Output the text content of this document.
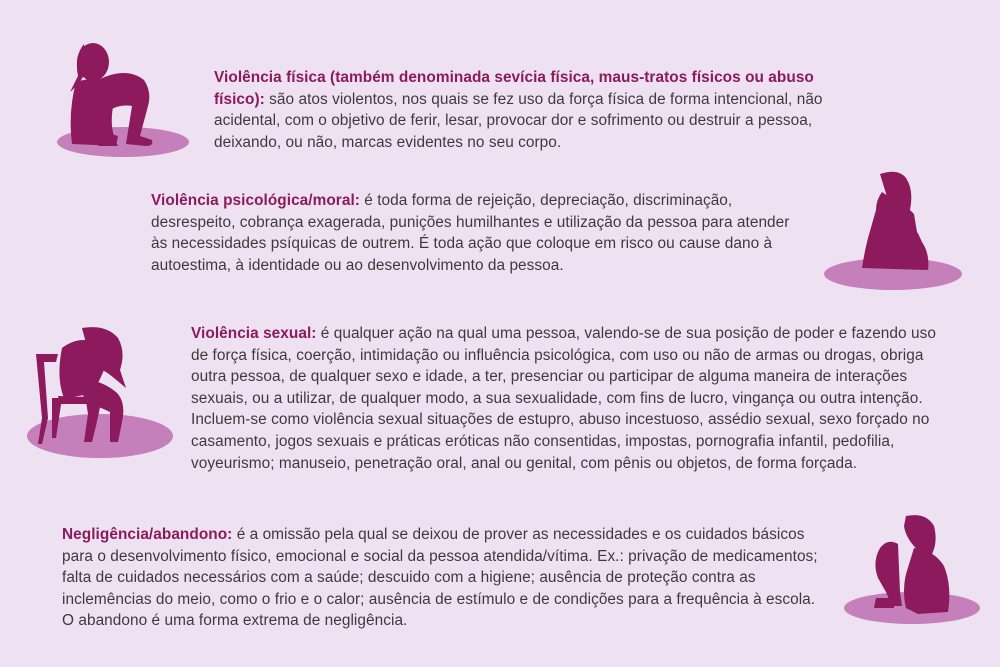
Violência física (também denominada sevícia física, maus-tratos físicos ou abuso físico): são atos violentos, nos quais se fez uso da força física de forma intencional, não acidental, com o objetivo de ferir, lesar, provocar dor e sofrimento ou destruir a pessoa, deixando, ou não, marcas evidentes no seu corpo.
Violência psicológica/moral: é toda forma de rejeição, depreciação, discriminação, desrespeito, cobrança exagerada, punições humilhantes e utilização da pessoa para atender às necessidades psíquicas de outrem. É toda ação que coloque em risco ou cause dano à autoestima, à identidade ou ao desenvolvimento da pessoa.
Violência sexual: é qualquer ação na qual uma pessoa, valendo-se de sua posição de poder e fazendo uso de força física, coerção, intimidação ou influência psicológica, com uso ou não de armas ou drogas, obriga outra pessoa, de qualquer sexo e idade, a ter, presenciar ou participar de alguma maneira de interações sexuais, ou a utilizar, de qualquer modo, a sua sexualidade, com fins de lucro, vingança ou outra intenção. Incluem-se como violência sexual situações de estupro, abuso incestuoso, assédio sexual, sexo forçado no casamento, jogos sexuais e práticas eróticas não consentidas, impostas, pornografia infantil, pedofilia, voyeurismo; manuseio, penetração oral, anal ou genital, com pênis ou objetos, de forma forçada.
Negligência/abandono: é a omissão pela qual se deixou de prover as necessidades e os cuidados básicos para o desenvolvimento físico, emocional e social da pessoa atendida/vítima. Ex.: privação de medicamentos; falta de cuidados necessários com a saúde; descuido com a higiene; ausência de proteção contra as inclemências do meio, como o frio e o calor; ausência de estímulo e de condições para a frequência à escola. O abandono é uma forma extrema de negligência.
